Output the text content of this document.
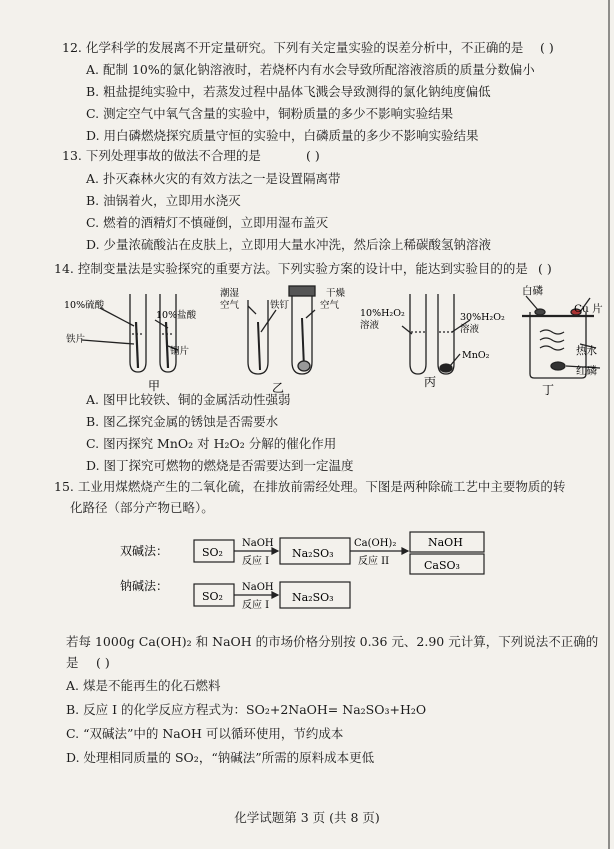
12. 化学科学的发展离不开定量研究。下列有关定量实验的误差分析中，不正确的是 ( )
A. 配制 10%的氯化钠溶液时，若烧杯内有水会导致所配溶液溶质的质量分数偏小
B. 粗盐提纯实验中，若蒸发过程中晶体飞溅会导致测得的氯化钠纯度偏低
C. 测定空气中氧气含量的实验中，铜粉质量的多少不影响实验结果
D. 用白磷燃烧探究质量守恒的实验中，白磷质量的多少不影响实验结果
13. 下列处理事故的做法不合理的是	( )
A. 扑灭森林火灾的有效方法之一是设置隔离带
B. 油锅着火，立即用水浇灭
C. 燃着的酒精灯不慎碰倒，立即用湿布盖灭
D. 少量浓硫酸沾在皮肤上，立即用大量水冲洗，然后涂上稀碳酸氢钠溶液
14. 控制变量法是实验探究的重要方法。下列实验方案的设计中，能达到实验目的的是 ( )
10%硫酸
10%盐酸
铁片
铜片
甲
潮湿
空气	铁钉
干燥
空气
乙
10%H₂O₂
溶液
30%H₂O₂
溶液
MnO₂
丙
白磷
Cu 片
热水
红磷
丁
A. 图甲比较铁、铜的金属活动性强弱
B. 图乙探究金属的锈蚀是否需要水
C. 图丙探究 MnO₂ 对 H₂O₂ 分解的催化作用
D. 图丁探究可燃物的燃烧是否需要达到一定温度
15. 工业用煤燃烧产生的二氧化硫，在排放前需经处理。下图是两种除硫工艺中主要物质的转
化路径（部分产物已略）。
双碱法：	SO₂
NaOH
反应 I
Na₂SO₃
Ca(OH)₂
反应 II
NaOH
CaSO₃
钠碱法：
SO₂
NaOH
反应 I
Na₂SO₃
若每 1000g Ca(OH)₂ 和 NaOH 的市场价格分别按 0.36 元、2.90 元计算，下列说法不正确的
是 ( )
A. 煤是不能再生的化石燃料
B. 反应 I 的化学反应方程式为：SO₂+2NaOH= Na₂SO₃+H₂O
C. “双碱法”中的 NaOH 可以循环使用，节约成本
D. 处理相同质量的 SO₂，“钠碱法”所需的原料成本更低
化学试题第 3 页 (共 8 页)
